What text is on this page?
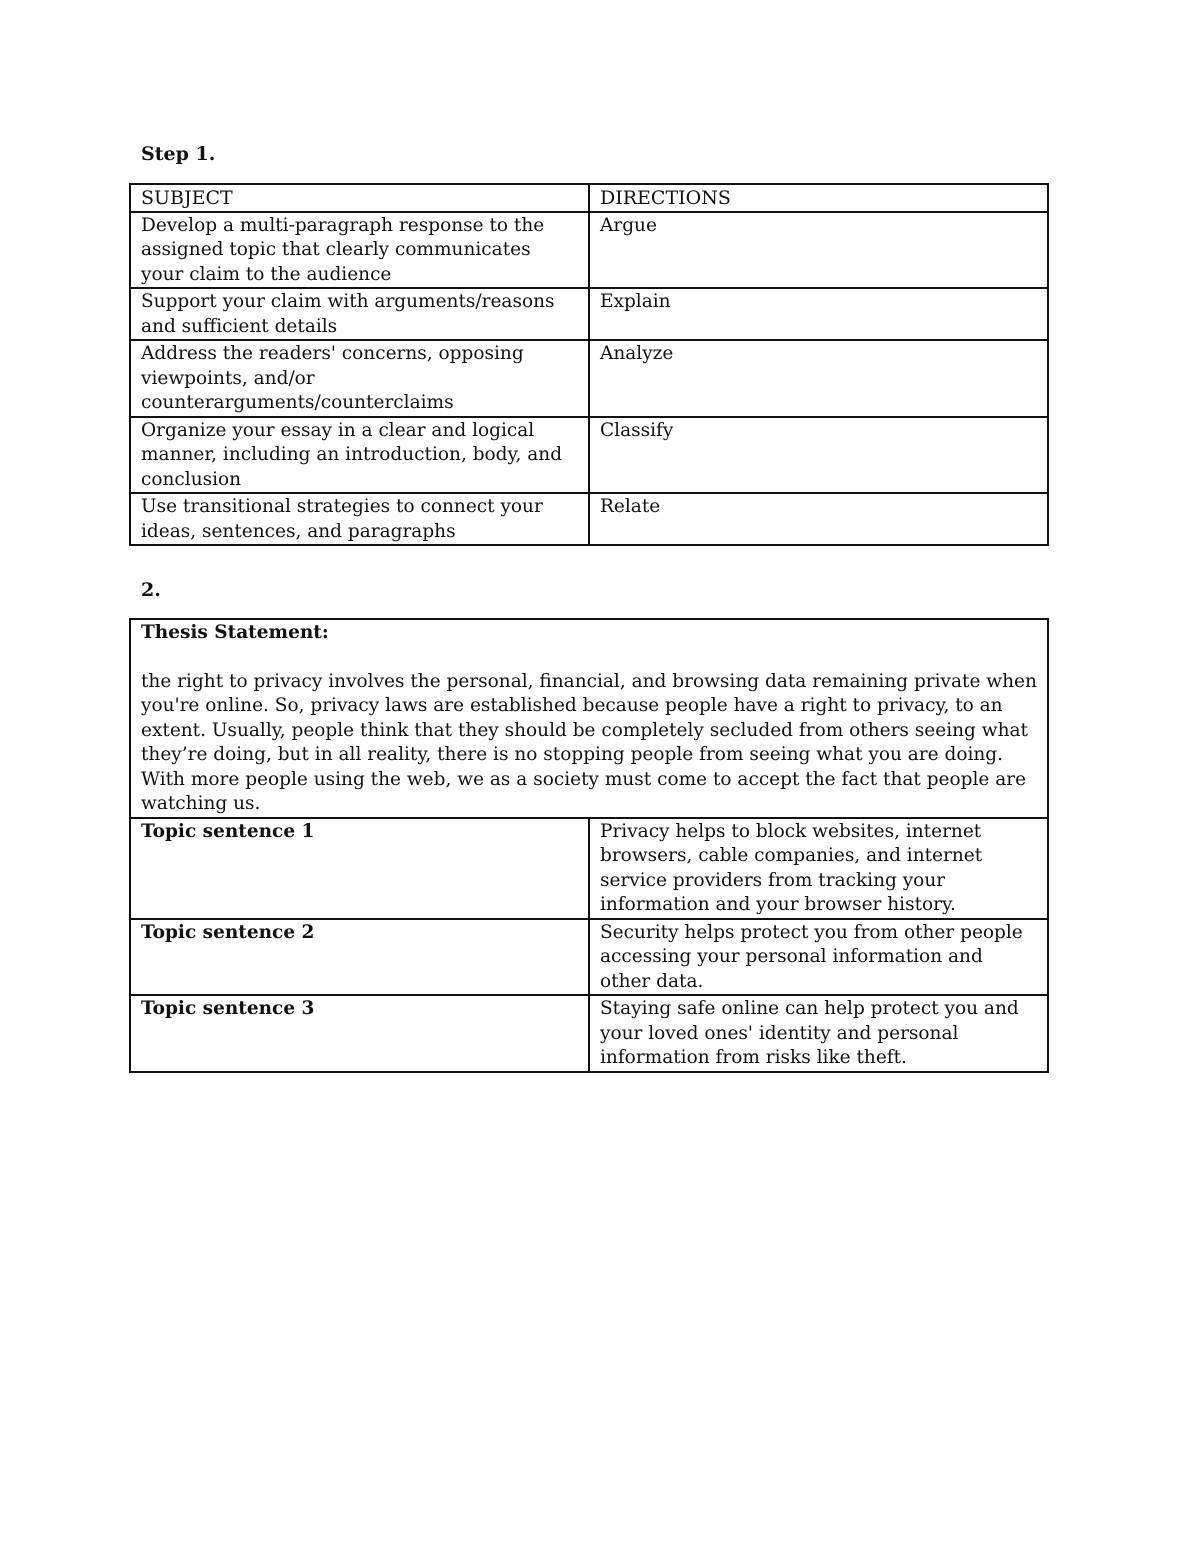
Step 1.

SUBJECT	DIRECTIONS
Develop a multi-paragraph response to the assigned topic that clearly communicates your claim to the audience	Argue
Support your claim with arguments/reasons and sufficient details	Explain
Address the readers' concerns, opposing viewpoints, and/or counterarguments/counterclaims	Analyze
Organize your essay in a clear and logical manner, including an introduction, body, and conclusion	Classify
Use transitional strategies to connect your ideas, sentences, and paragraphs	Relate

2.

Thesis Statement:
the right to privacy involves the personal, financial, and browsing data remaining private when you're online. So, privacy laws are established because people have a right to privacy, to an extent. Usually, people think that they should be completely secluded from others seeing what they’re doing, but in all reality, there is no stopping people from seeing what you are doing. With more people using the web, we as a society must come to accept the fact that people are watching us.	

Topic sentence 1	Privacy helps to block websites, internet browsers, cable companies, and internet service providers from tracking your information and your browser history.
Topic sentence 2	Security helps protect you from other people accessing your personal information and other data.
Topic sentence 3	Staying safe online can help protect you and your loved ones' identity and personal information from risks like theft.
